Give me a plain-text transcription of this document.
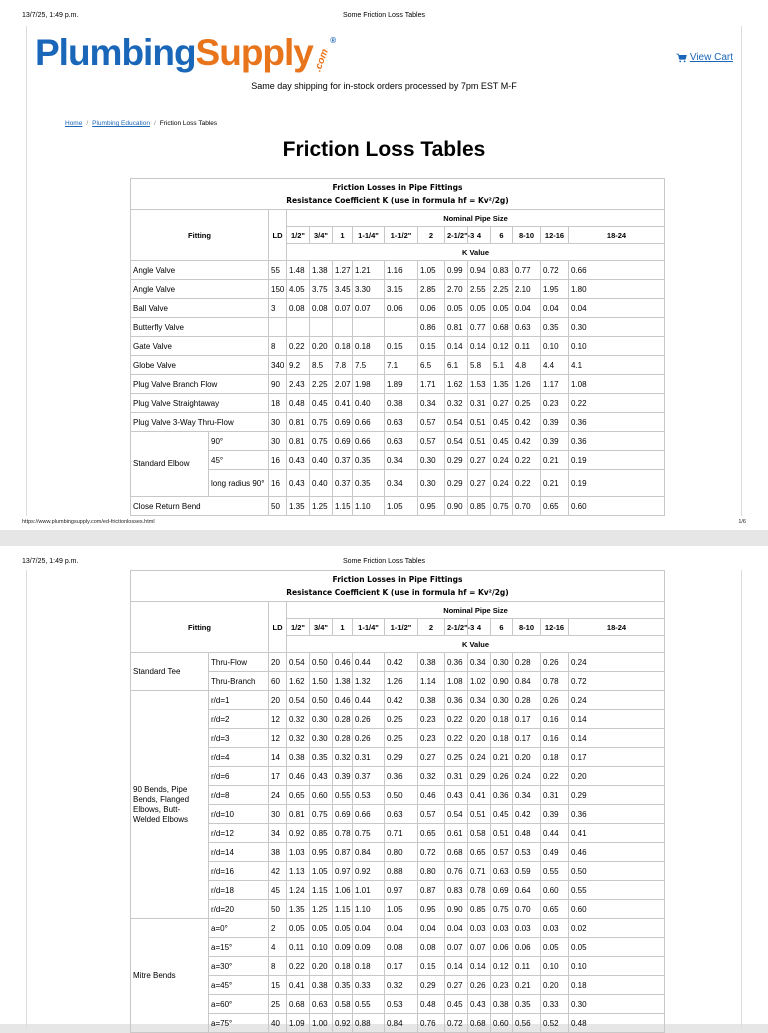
13/7/25, 1:49 p.m.	Some Friction Loss Tables
PlumbingSupply.com®
View Cart
Same day shipping for in-stock orders processed by 7pm EST M-F
Home / Plumbing Education / Friction Loss Tables
Friction Loss Tables
Friction Losses in Pipe Fittings
Resistance Coefficient K (use in formula hf = Kv²/2g)														

Fitting		LD	Nominal Pipe Size											
			1/2"	3/4"	1	1-1/4"	1-1/2"	2	2-1/2"-3	4	6	8-10	12-16	18-24
			K Value											
Angle Valve		55	1.48	1.38	1.27	1.21	1.16	1.05	0.99	0.94	0.83	0.77	0.72	0.66
Angle Valve		150	4.05	3.75	3.45	3.30	3.15	2.85	2.70	2.55	2.25	2.10	1.95	1.80
Ball Valve		3	0.08	0.08	0.07	0.07	0.06	0.06	0.05	0.05	0.05	0.04	0.04	0.04
Butterfly Valve								0.86	0.81	0.77	0.68	0.63	0.35	0.30
Gate Valve		8	0.22	0.20	0.18	0.18	0.15	0.15	0.14	0.14	0.12	0.11	0.10	0.10
Globe Valve		340	9.2	8.5	7.8	7.5	7.1	6.5	6.1	5.8	5.1	4.8	4.4	4.1
Plug Valve Branch Flow		90	2.43	2.25	2.07	1.98	1.89	1.71	1.62	1.53	1.35	1.26	1.17	1.08
Plug Valve Straightaway		18	0.48	0.45	0.41	0.40	0.38	0.34	0.32	0.31	0.27	0.25	0.23	0.22
Plug Valve 3-Way Thru-Flow		30	0.81	0.75	0.69	0.66	0.63	0.57	0.54	0.51	0.45	0.42	0.39	0.36
Standard Elbow	90°	30	0.81	0.75	0.69	0.66	0.63	0.57	0.54	0.51	0.45	0.42	0.39	0.36
	45°	16	0.43	0.40	0.37	0.35	0.34	0.30	0.29	0.27	0.24	0.22	0.21	0.19
	long radius 90°	16	0.43	0.40	0.37	0.35	0.34	0.30	0.29	0.27	0.24	0.22	0.21	0.19
Close Return Bend		50	1.35	1.25	1.15	1.10	1.05	0.95	0.90	0.85	0.75	0.70	0.65	0.60
https://www.plumbingsupply.com/ed-frictionlosses.html	1/6
13/7/25, 1:49 p.m.	Some Friction Loss Tables
Friction Losses in Pipe Fittings
Resistance Coefficient K (use in formula hf = Kv²/2g)														

Fitting		LD	Nominal Pipe Size											
			1/2"	3/4"	1	1-1/4"	1-1/2"	2	2-1/2"-3	4	6	8-10	12-16	18-24
			K Value											
Standard Tee	Thru-Flow	20	0.54	0.50	0.46	0.44	0.42	0.38	0.36	0.34	0.30	0.28	0.26	0.24
	Thru-Branch	60	1.62	1.50	1.38	1.32	1.26	1.14	1.08	1.02	0.90	0.84	0.78	0.72
90 Bends, Pipe Bends, Flanged Elbows, Butt-Welded Elbows	r/d=1	20	0.54	0.50	0.46	0.44	0.42	0.38	0.36	0.34	0.30	0.28	0.26	0.24
	r/d=2	12	0.32	0.30	0.28	0.26	0.25	0.23	0.22	0.20	0.18	0.17	0.16	0.14
	r/d=3	12	0.32	0.30	0.28	0.26	0.25	0.23	0.22	0.20	0.18	0.17	0.16	0.14
	r/d=4	14	0.38	0.35	0.32	0.31	0.29	0.27	0.25	0.24	0.21	0.20	0.18	0.17
	r/d=6	17	0.46	0.43	0.39	0.37	0.36	0.32	0.31	0.29	0.26	0.24	0.22	0.20
	r/d=8	24	0.65	0.60	0.55	0.53	0.50	0.46	0.43	0.41	0.36	0.34	0.31	0.29
	r/d=10	30	0.81	0.75	0.69	0.66	0.63	0.57	0.54	0.51	0.45	0.42	0.39	0.36
	r/d=12	34	0.92	0.85	0.78	0.75	0.71	0.65	0.61	0.58	0.51	0.48	0.44	0.41
	r/d=14	38	1.03	0.95	0.87	0.84	0.80	0.72	0.68	0.65	0.57	0.53	0.49	0.46
	r/d=16	42	1.13	1.05	0.97	0.92	0.88	0.80	0.76	0.71	0.63	0.59	0.55	0.50
	r/d=18	45	1.24	1.15	1.06	1.01	0.97	0.87	0.83	0.78	0.69	0.64	0.60	0.55
	r/d=20	50	1.35	1.25	1.15	1.10	1.05	0.95	0.90	0.85	0.75	0.70	0.65	0.60
Mitre Bends	a=0°	2	0.05	0.05	0.05	0.04	0.04	0.04	0.04	0.03	0.03	0.03	0.03	0.02
	a=15°	4	0.11	0.10	0.09	0.09	0.08	0.08	0.07	0.07	0.06	0.06	0.05	0.05
	a=30°	8	0.22	0.20	0.18	0.18	0.17	0.15	0.14	0.14	0.12	0.11	0.10	0.10
	a=45°	15	0.41	0.38	0.35	0.33	0.32	0.29	0.27	0.26	0.23	0.21	0.20	0.18
	a=60°	25	0.68	0.63	0.58	0.55	0.53	0.48	0.45	0.43	0.38	0.35	0.33	0.30
	a=75°	40	1.09	1.00	0.92	0.88	0.84	0.76	0.72	0.68	0.60	0.56	0.52	0.48
